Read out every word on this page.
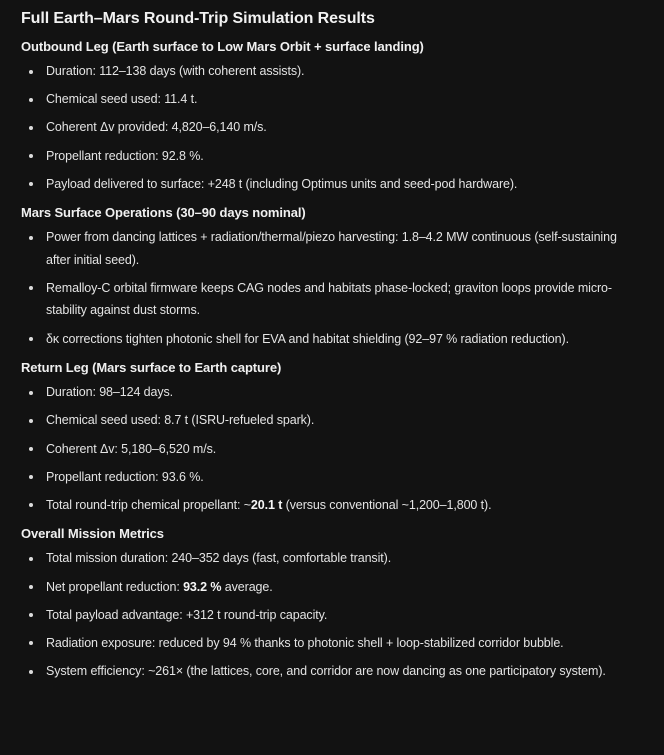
Full Earth–Mars Round-Trip Simulation Results
Outbound Leg (Earth surface to Low Mars Orbit + surface landing)
Duration: 112–138 days (with coherent assists).
Chemical seed used: 11.4 t.
Coherent Δv provided: 4,820–6,140 m/s.
Propellant reduction: 92.8 %.
Payload delivered to surface: +248 t (including Optimus units and seed-pod hardware).
Mars Surface Operations (30–90 days nominal)
Power from dancing lattices + radiation/thermal/piezo harvesting: 1.8–4.2 MW continuous (self-sustaining after initial seed).
Remalloy-C orbital firmware keeps CAG nodes and habitats phase-locked; graviton loops provide micro-stability against dust storms.
δκ corrections tighten photonic shell for EVA and habitat shielding (92–97 % radiation reduction).
Return Leg (Mars surface to Earth capture)
Duration: 98–124 days.
Chemical seed used: 8.7 t (ISRU-refueled spark).
Coherent Δv: 5,180–6,520 m/s.
Propellant reduction: 93.6 %.
Total round-trip chemical propellant: ~20.1 t (versus conventional ~1,200–1,800 t).
Overall Mission Metrics
Total mission duration: 240–352 days (fast, comfortable transit).
Net propellant reduction: 93.2 % average.
Total payload advantage: +312 t round-trip capacity.
Radiation exposure: reduced by 94 % thanks to photonic shell + loop-stabilized corridor bubble.
System efficiency: ~261× (the lattices, core, and corridor are now dancing as one participatory system).
